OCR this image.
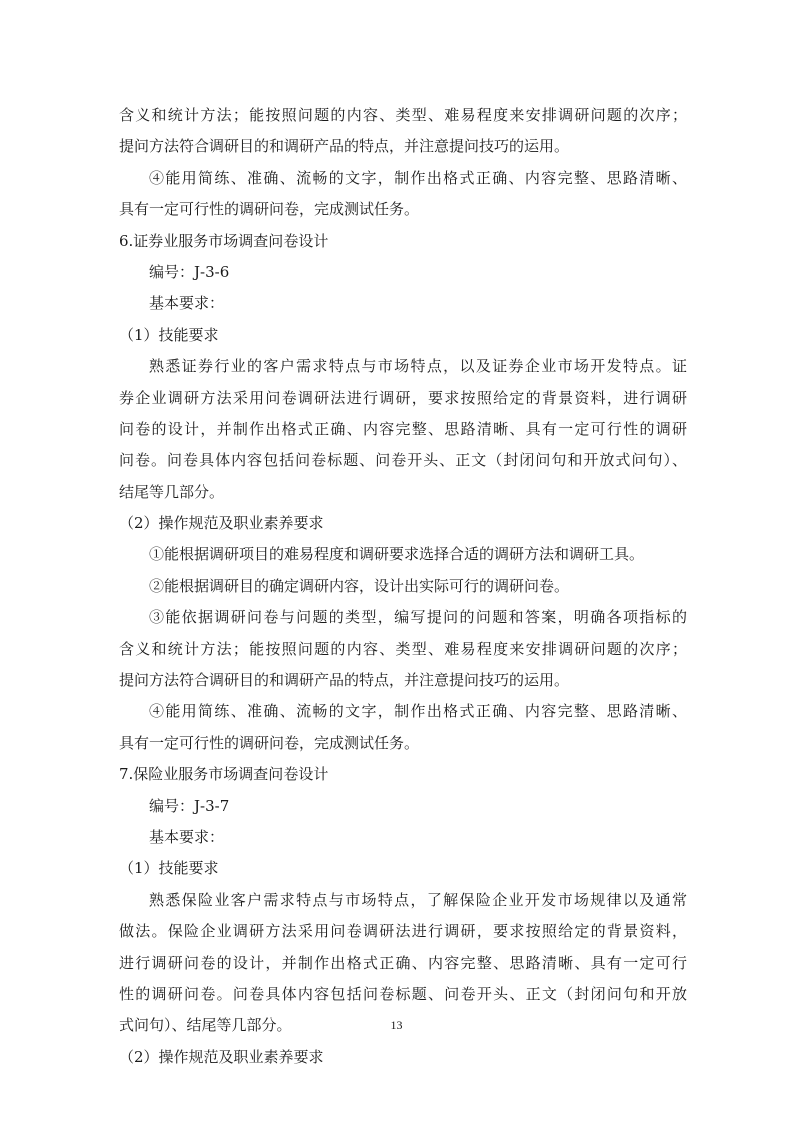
含义和统计方法；能按照问题的内容、类型、难易程度来安排调研问题的次序；
提问方法符合调研目的和调研产品的特点，并注意提问技巧的运用。
④能用简练、准确、流畅的文字，制作出格式正确、内容完整、思路清晰、
具有一定可行性的调研问卷，完成测试任务。
6.证券业服务市场调查问卷设计
编号：J-3-6
基本要求：
（1）技能要求
熟悉证券行业的客户需求特点与市场特点，以及证券企业市场开发特点。证
券企业调研方法采用问卷调研法进行调研，要求按照给定的背景资料，进行调研
问卷的设计，并制作出格式正确、内容完整、思路清晰、具有一定可行性的调研
问卷。问卷具体内容包括问卷标题、问卷开头、正文（封闭问句和开放式问句）、
结尾等几部分。
（2）操作规范及职业素养要求
①能根据调研项目的难易程度和调研要求选择合适的调研方法和调研工具。
②能根据调研目的确定调研内容，设计出实际可行的调研问卷。
③能依据调研问卷与问题的类型，编写提问的问题和答案，明确各项指标的
含义和统计方法；能按照问题的内容、类型、难易程度来安排调研问题的次序；
提问方法符合调研目的和调研产品的特点，并注意提问技巧的运用。
④能用简练、准确、流畅的文字，制作出格式正确、内容完整、思路清晰、
具有一定可行性的调研问卷，完成测试任务。
7.保险业服务市场调查问卷设计
编号：J-3-7
基本要求：
（1）技能要求
熟悉保险业客户需求特点与市场特点，了解保险企业开发市场规律以及通常
做法。保险企业调研方法采用问卷调研法进行调研，要求按照给定的背景资料，
进行调研问卷的设计，并制作出格式正确、内容完整、思路清晰、具有一定可行
性的调研问卷。问卷具体内容包括问卷标题、问卷开头、正文（封闭问句和开放
式问句）、结尾等几部分。
（2）操作规范及职业素养要求
13
